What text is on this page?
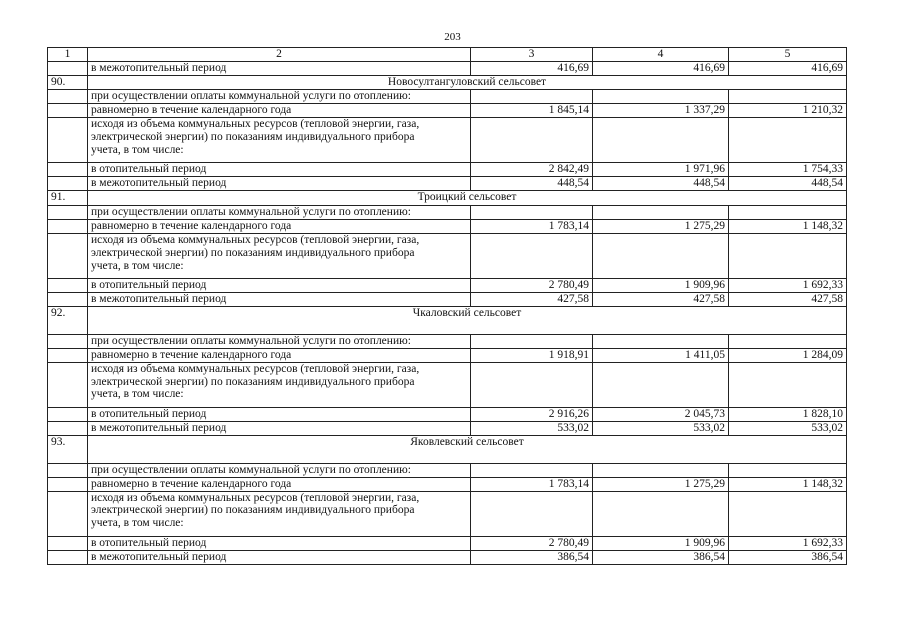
203
1	2	3	4	5
	в межотопительный период	416,69	416,69	416,69
90.	Новосултангуловский сельсовет			
	при осуществлении оплаты коммунальной услуги по отоплению:			
	равномерно в течение календарного года	1 845,14	1 337,29	1 210,32
	исходя из объема коммунальных ресурсов (тепловой энергии, газа, электрической энергии) по показаниям индивидуального прибора учета, в том числе:			
	в отопительный период	2 842,49	1 971,96	1 754,33
	в межотопительный период	448,54	448,54	448,54
91.	Троицкий сельсовет			
	при осуществлении оплаты коммунальной услуги по отоплению:			
	равномерно в течение календарного года	1 783,14	1 275,29	1 148,32
	исходя из объема коммунальных ресурсов (тепловой энергии, газа, электрической энергии) по показаниям индивидуального прибора учета, в том числе:			
	в отопительный период	2 780,49	1 909,96	1 692,33
	в межотопительный период	427,58	427,58	427,58
92.	Чкаловский сельсовет			
	при осуществлении оплаты коммунальной услуги по отоплению:			
	равномерно в течение календарного года	1 918,91	1 411,05	1 284,09
	исходя из объема коммунальных ресурсов (тепловой энергии, газа, электрической энергии) по показаниям индивидуального прибора учета, в том числе:			
	в отопительный период	2 916,26	2 045,73	1 828,10
	в межотопительный период	533,02	533,02	533,02
93.	Яковлевский сельсовет			
	при осуществлении оплаты коммунальной услуги по отоплению:			
	равномерно в течение календарного года	1 783,14	1 275,29	1 148,32
	исходя из объема коммунальных ресурсов (тепловой энергии, газа, электрической энергии) по показаниям индивидуального прибора учета, в том числе:			
	в отопительный период	2 780,49	1 909,96	1 692,33
	в межотопительный период	386,54	386,54	386,54
